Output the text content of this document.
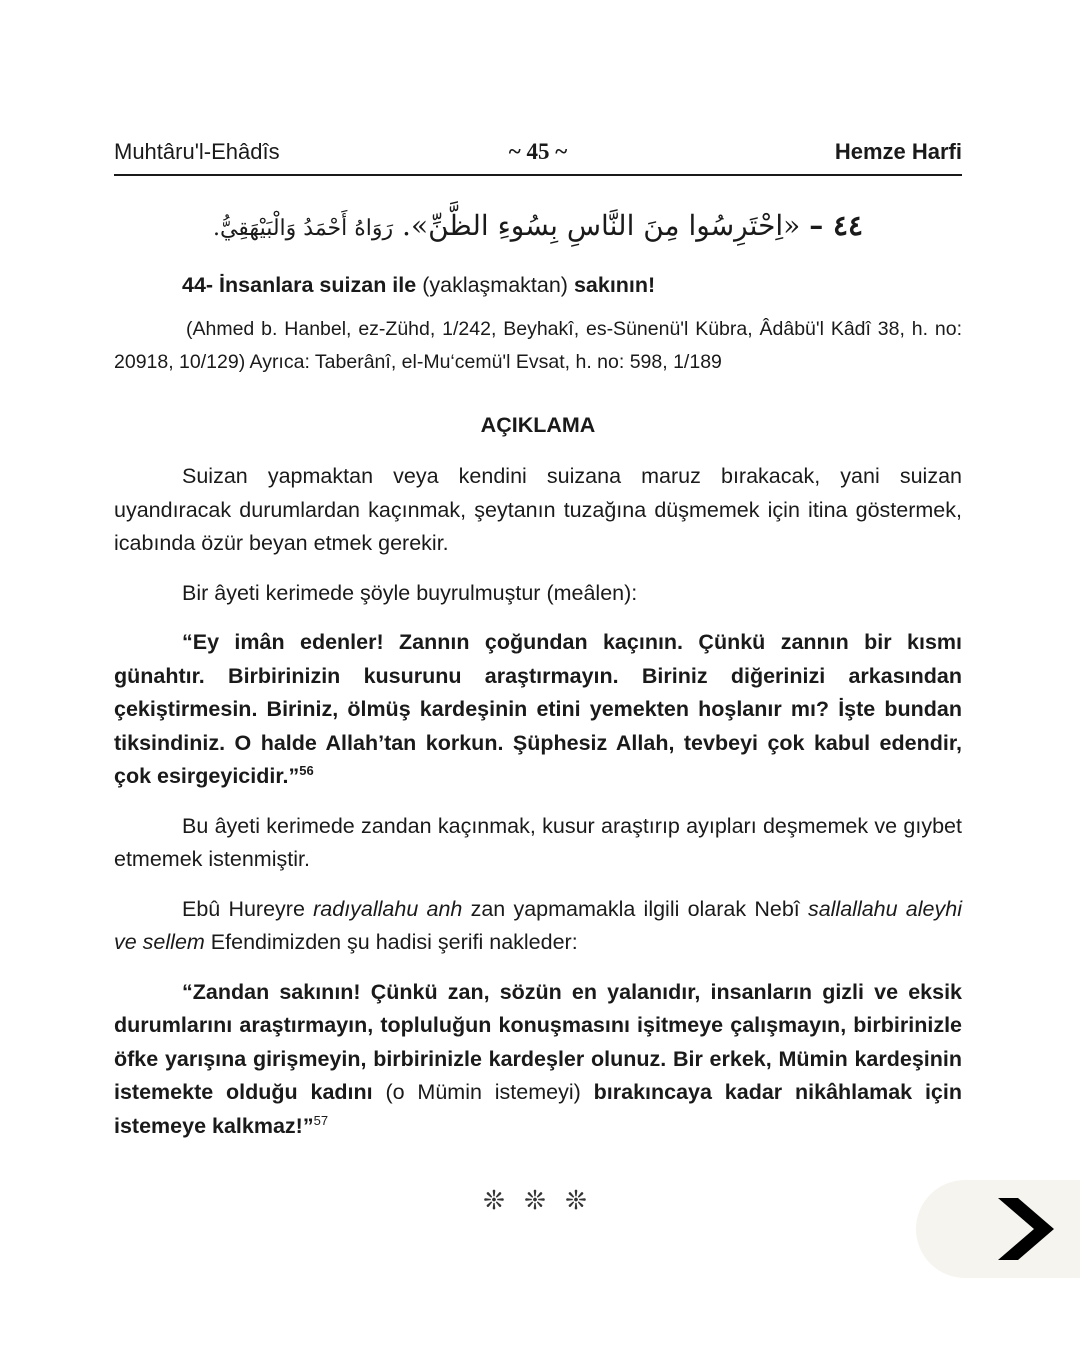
Muhtâru'l-Ehâdîs	~ 45 ~	Hemze Harfi
٤٤ – «اِحْتَرِسُوا مِنَ النَّاسِ بِسُوءِ الظَّنِّ». رَوَاهُ أَحْمَدُ وَالْبَيْهَقِيُّ.

44- İnsanlara suizan ile (yaklaşmaktan) sakının!

(Ahmed b. Hanbel, ez-Zühd, 1/242, Beyhakî, es-Sünenü'l Kübra, Âdâbü'l Kâdî 38, h. no: 20918, 10/129) Ayrıca: Taberânî, el-Mu‘cemü'l Evsat, h. no: 598, 1/189

AÇIKLAMA

Suizan yapmaktan veya kendini suizana maruz bırakacak, yani suizan uyandıracak durumlardan kaçınmak, şeytanın tuzağına düşmemek için itina göstermek, icabında özür beyan etmek gerekir.

Bir âyeti kerimede şöyle buyrulmuştur (meâlen):

“Ey imân edenler! Zannın çoğundan kaçının. Çünkü zannın bir kısmı günahtır. Birbirinizin kusurunu araştırmayın. Biriniz diğerinizi arkasından çekiştirmesin. Biriniz, ölmüş kardeşinin etini yemekten hoşlanır mı? İşte bundan tiksindiniz. O halde Allah’tan korkun. Şüphesiz Allah, tevbeyi çok kabul edendir, çok esirgeyicidir.”$^{56}$

Bu âyeti kerimede zandan kaçınmak, kusur araştırıp ayıpları deşmemek ve gıybet etmemek istenmiştir.

Ebû Hureyre radıyallahu anh zan yapmamakla ilgili olarak Nebî sallallahu aleyhi ve sellem Efendimizden şu hadisi şerifi nakleder:

“Zandan sakının! Çünkü zan, sözün en yalanıdır, insanların gizli ve eksik durumlarını araştırmayın, topluluğun konuşmasını işitmeye çalışmayın, birbirinizle öfke yarışına girişmeyin, birbirinizle kardeşler olunuz. Bir erkek, Mümin kardeşinin istemekte olduğu kadını (o Mümin istemeyi) bırakıncaya kadar nikâhlamak için istemeye kalkmaz!”$^{57}$

❊ ❊ ❊
